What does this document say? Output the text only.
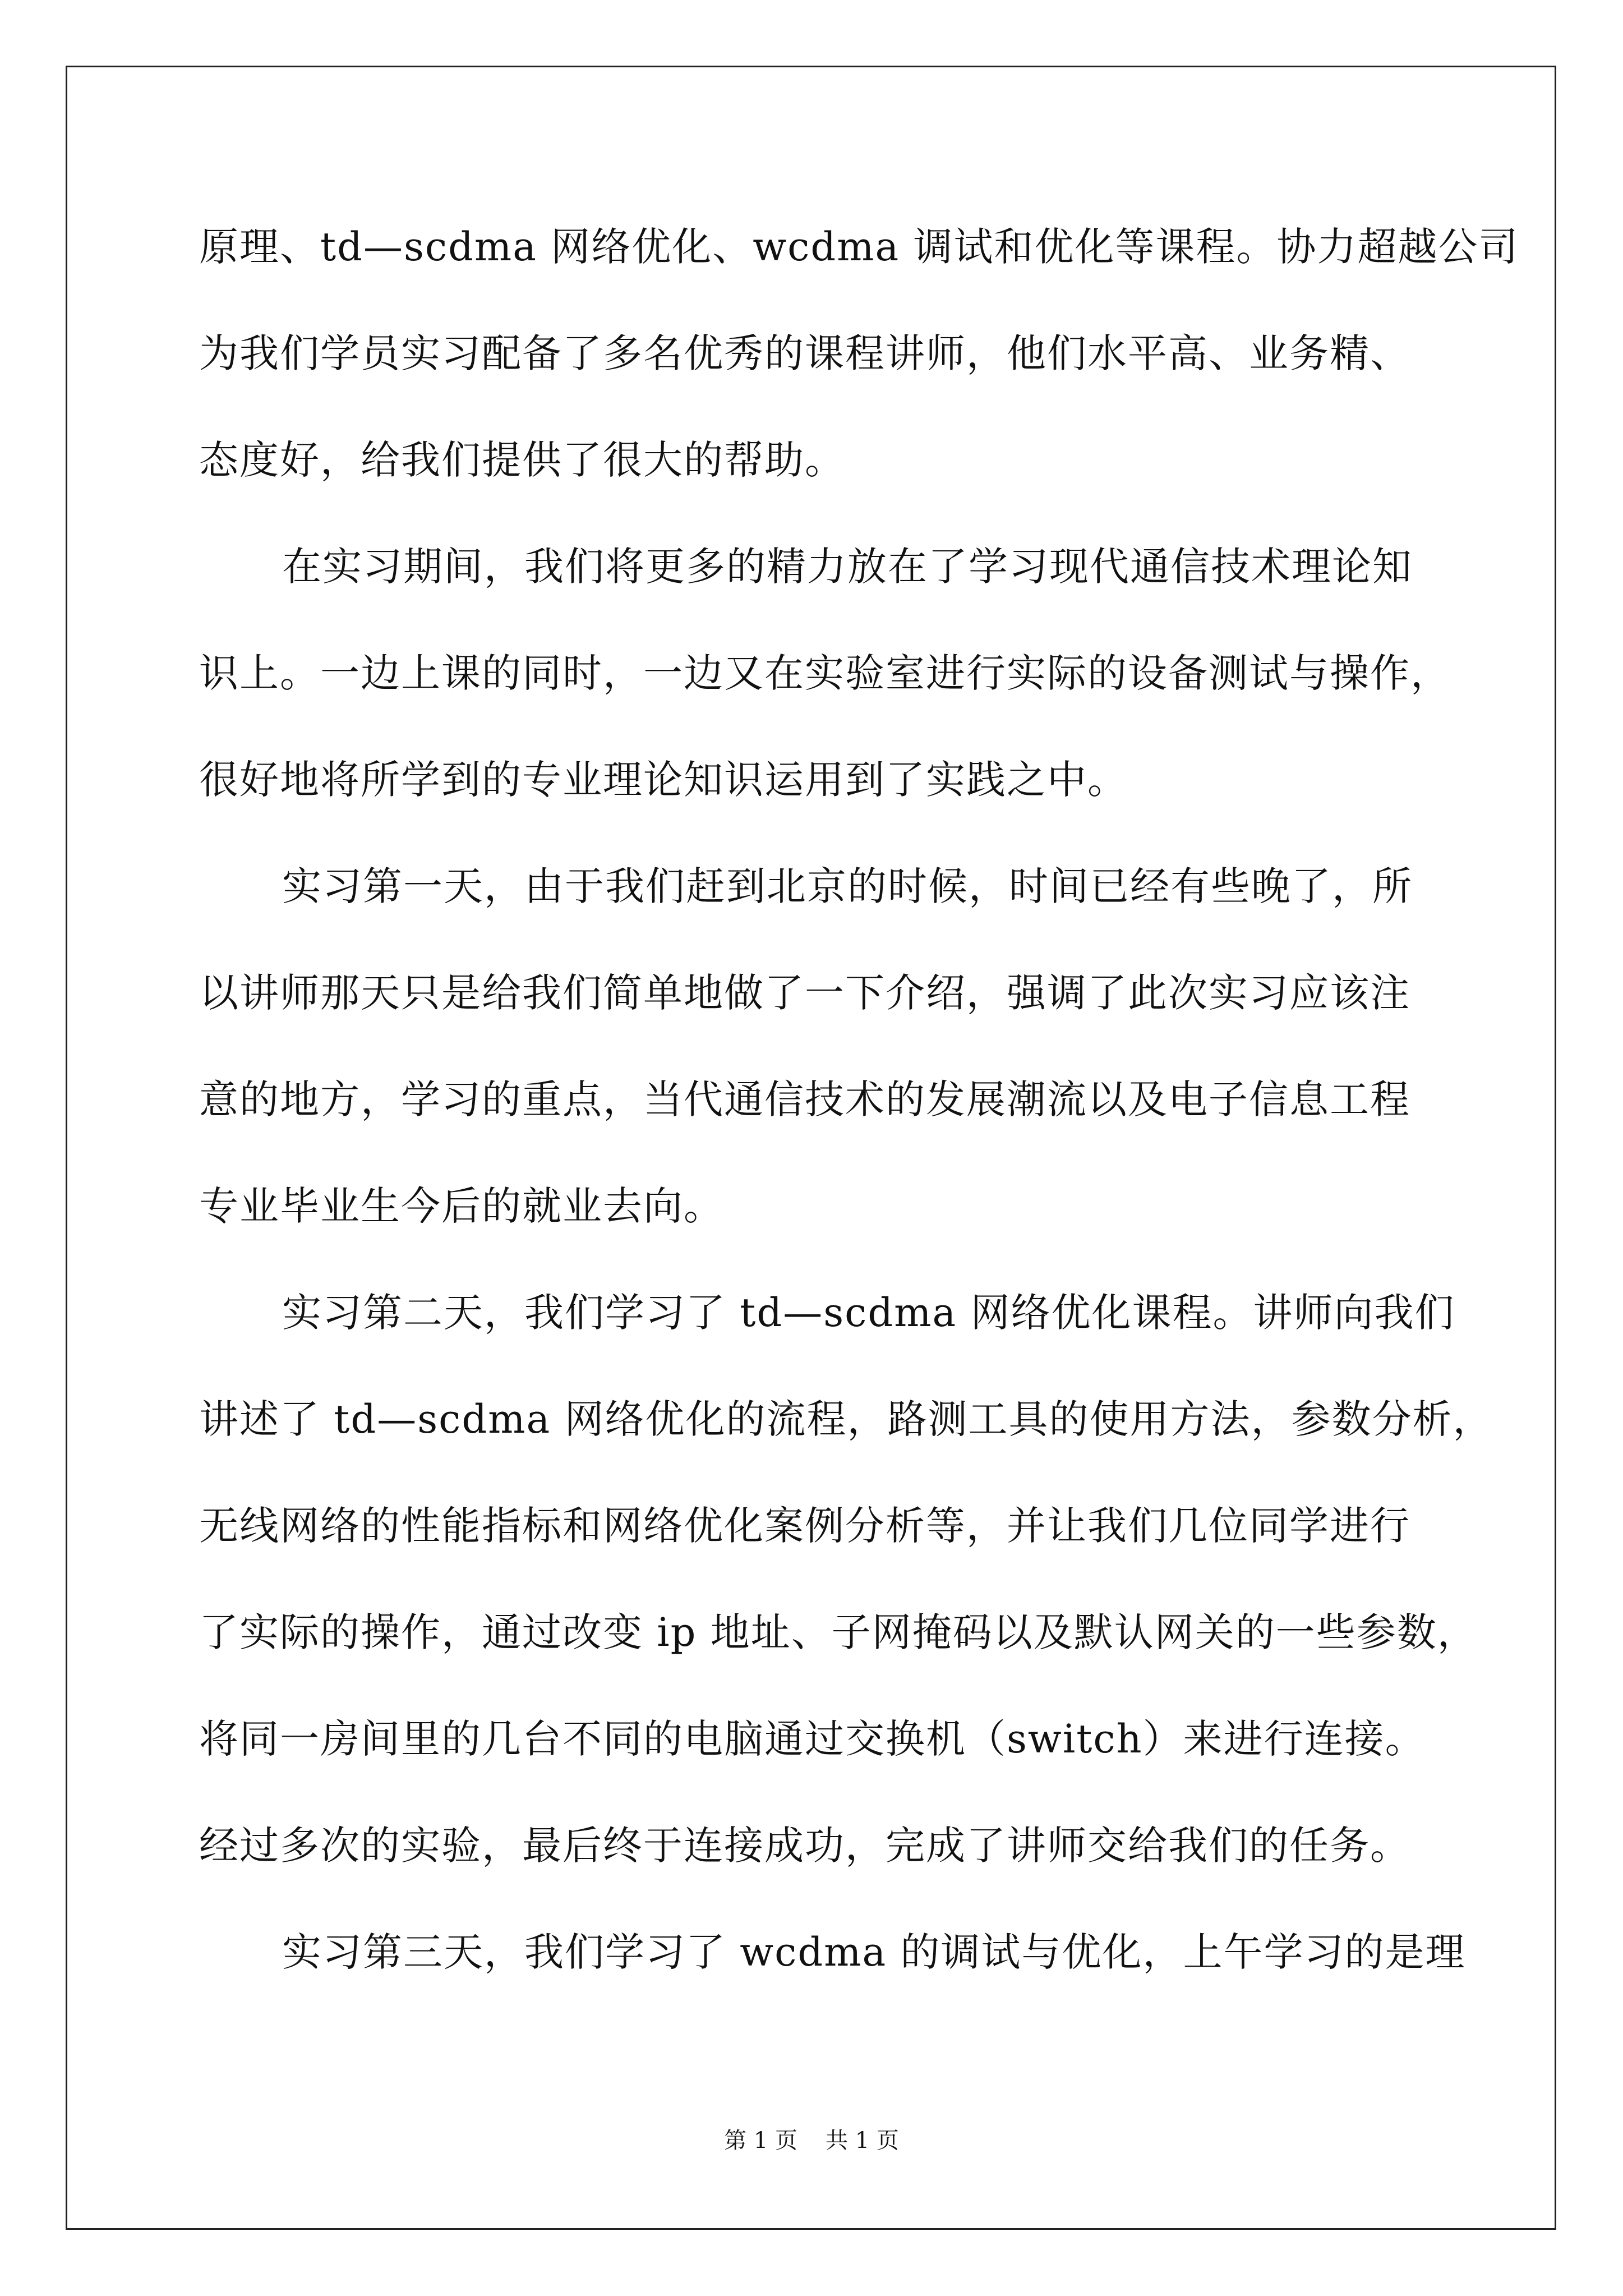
原理、td—scdma 网络优化、wcdma 调试和优化等课程。协力超越公司
为我们学员实习配备了多名优秀的课程讲师，他们水平高、业务精、
态度好，给我们提供了很大的帮助。
在实习期间，我们将更多的精力放在了学习现代通信技术理论知
识上。一边上课的同时，一边又在实验室进行实际的设备测试与操作，
很好地将所学到的专业理论知识运用到了实践之中。
实习第一天，由于我们赶到北京的时候，时间已经有些晚了，所
以讲师那天只是给我们简单地做了一下介绍，强调了此次实习应该注
意的地方，学习的重点，当代通信技术的发展潮流以及电子信息工程
专业毕业生今后的就业去向。
实习第二天，我们学习了 td—scdma 网络优化课程。讲师向我们
讲述了 td—scdma 网络优化的流程，路测工具的使用方法，参数分析，
无线网络的性能指标和网络优化案例分析等，并让我们几位同学进行
了实际的操作，通过改变 ip 地址、子网掩码以及默认网关的一些参数，
将同一房间里的几台不同的电脑通过交换机（switch）来进行连接。
经过多次的实验，最后终于连接成功，完成了讲师交给我们的任务。
实习第三天，我们学习了 wcdma 的调试与优化，上午学习的是理
第 1 页 共 1 页
